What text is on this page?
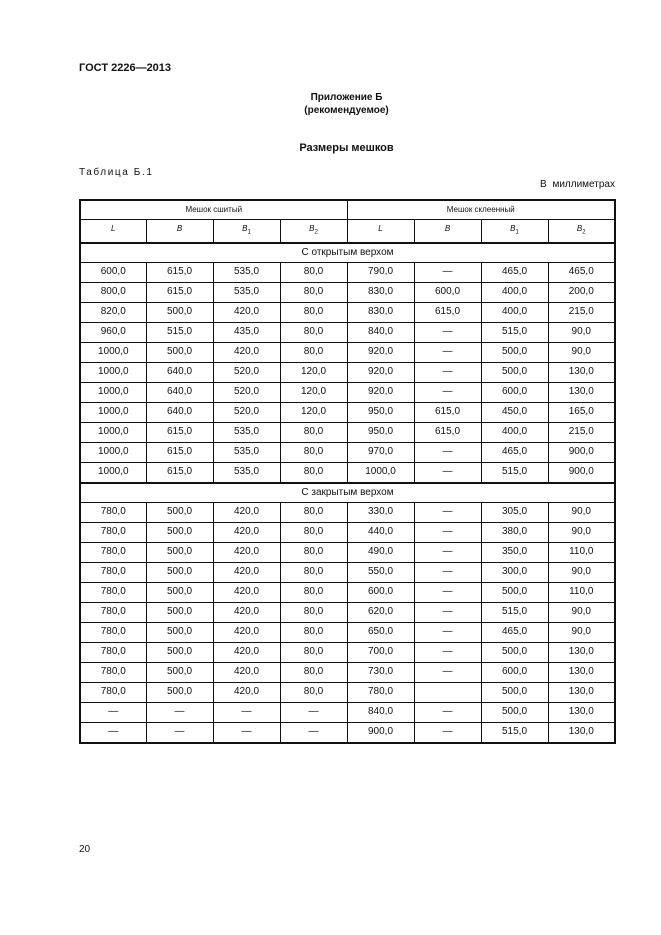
ГОСТ 2226—2013
Приложение Б
(рекомендуемое)
Размеры мешков
Таблица Б.1
В миллиметрах
Мешок сшитый				Мешок склеенный			
L	B	$B_1$	$B_2$	L	B	$B_1$	$B_2$
С открытым верхом							
600,0	615,0	535,0	80,0	790,0	—	465,0	465,0
800,0	615,0	535,0	80,0	830,0	600,0	400,0	200,0
820,0	500,0	420,0	80,0	830,0	615,0	400,0	215,0
960,0	515,0	435,0	80,0	840,0	—	515,0	90,0
1000,0	500,0	420,0	80,0	920,0	—	500,0	90,0
1000,0	640,0	520,0	120,0	920,0	—	500,0	130,0
1000,0	640,0	520,0	120,0	920,0	—	600,0	130,0
1000,0	640,0	520,0	120,0	950,0	615,0	450,0	165,0
1000,0	615,0	535,0	80,0	950,0	615,0	400,0	215,0
1000,0	615,0	535,0	80,0	970,0	—	465,0	900,0
1000,0	615,0	535,0	80,0	1000,0	—	515,0	900,0
С закрытым верхом							
780,0	500,0	420,0	80,0	330,0	—	305,0	90,0
780,0	500,0	420,0	80,0	440,0	—	380,0	90,0
780,0	500,0	420,0	80,0	490,0	—	350,0	110,0
780,0	500,0	420,0	80,0	550,0	—	300,0	90,0
780,0	500,0	420,0	80,0	600,0	—	500,0	110,0
780,0	500,0	420,0	80,0	620,0	—	515,0	90,0
780,0	500,0	420,0	80,0	650,0	—	465,0	90,0
780,0	500,0	420,0	80,0	700,0	—	500,0	130,0
780,0	500,0	420,0	80,0	730,0	—	600,0	130,0
780,0	500,0	420,0	80,0	780,0		500,0	130,0
—	—	—	—	840,0	—	500,0	130,0
—	—	—	—	900,0	—	515,0	130,0
20
